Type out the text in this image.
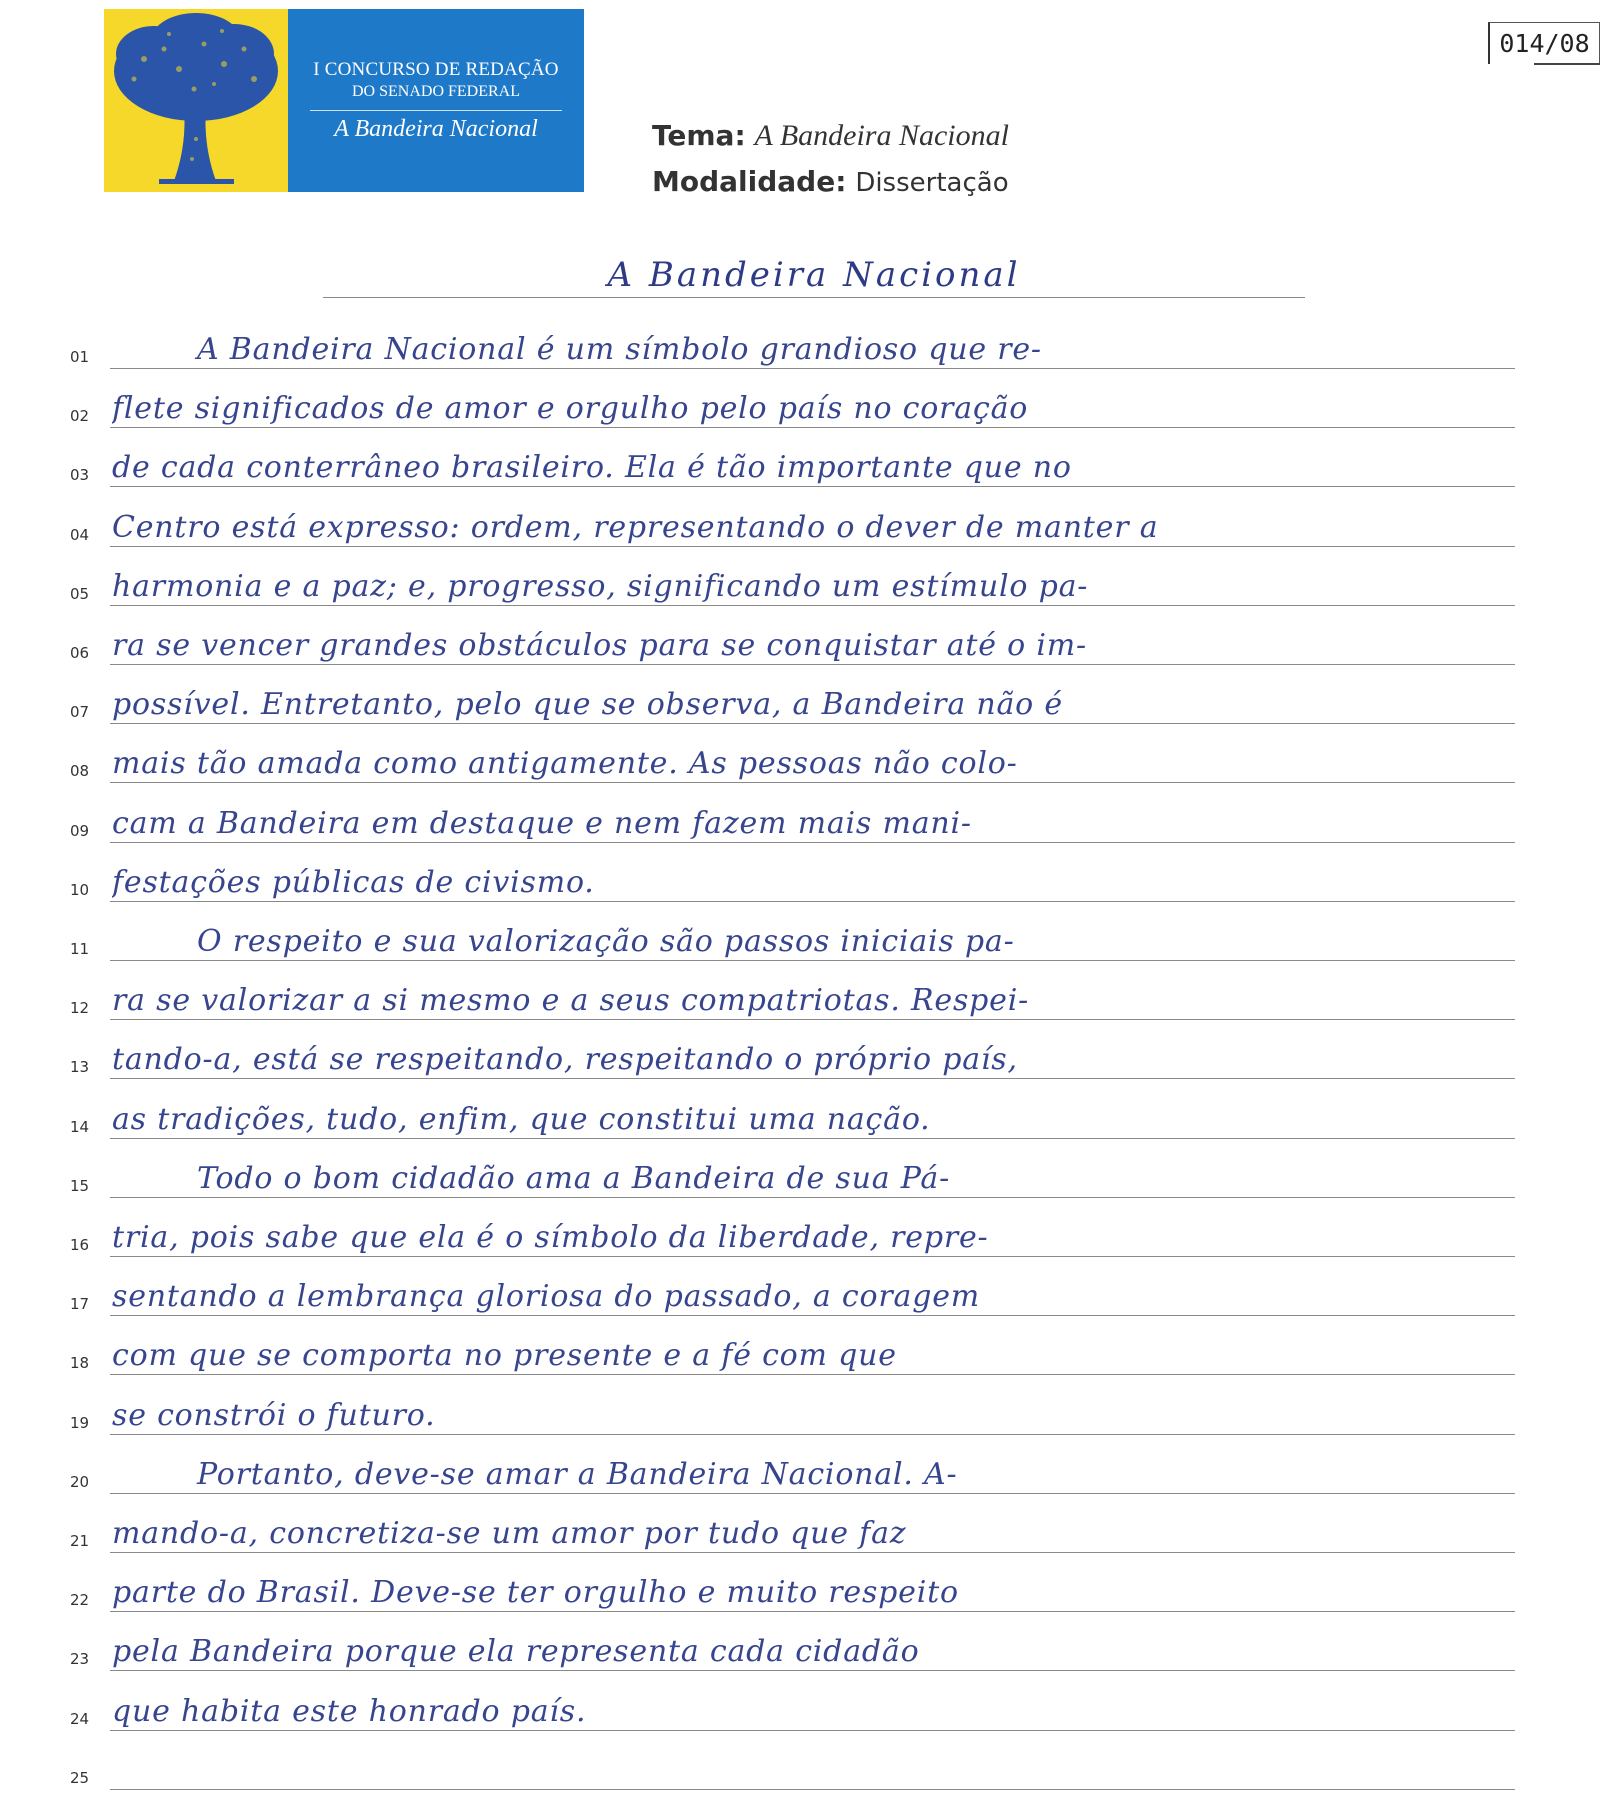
I CONCURSO DE REDAÇÃO
DO SENADO FEDERAL
A Bandeira Nacional
014/08
Tema: A Bandeira Nacional
Modalidade: Dissertação
A Bandeira Nacional
01	A Bandeira Nacional é um símbolo grandioso que re-
02 flete significados de amor e orgulho pelo país no coração
03 de cada conterrâneo brasileiro. Ela é tão importante que no
04 Centro está expresso: ordem, representando o dever de manter a
05 harmonia e a paz; e, progresso, significando um estímulo pa-
06 ra se vencer grandes obstáculos para se conquistar até o im-
07 possível. Entretanto, pelo que se observa, a Bandeira não é
08 mais tão amada como antigamente. As pessoas não colo-
09 cam a Bandeira em destaque e nem fazem mais mani-
10 festações públicas de civismo.
11	O respeito e sua valorização são passos iniciais pa-
12 ra se valorizar a si mesmo e a seus compatriotas. Respei-
13 tando-a, está se respeitando, respeitando o próprio país,
14 as tradições, tudo, enfim, que constitui uma nação.
15	Todo o bom cidadão ama a Bandeira de sua Pá-
16 tria, pois sabe que ela é o símbolo da liberdade, repre-
17 sentando a lembrança gloriosa do passado, a coragem
18 com que se comporta no presente e a fé com que
19 se constrói o futuro.
20	Portanto, deve-se amar a Bandeira Nacional. A-
21 mando-a, concretiza-se um amor por tudo que faz
22 parte do Brasil. Deve-se ter orgulho e muito respeito
23 pela Bandeira porque ela representa cada cidadão
24 que habita este honrado país.
25
